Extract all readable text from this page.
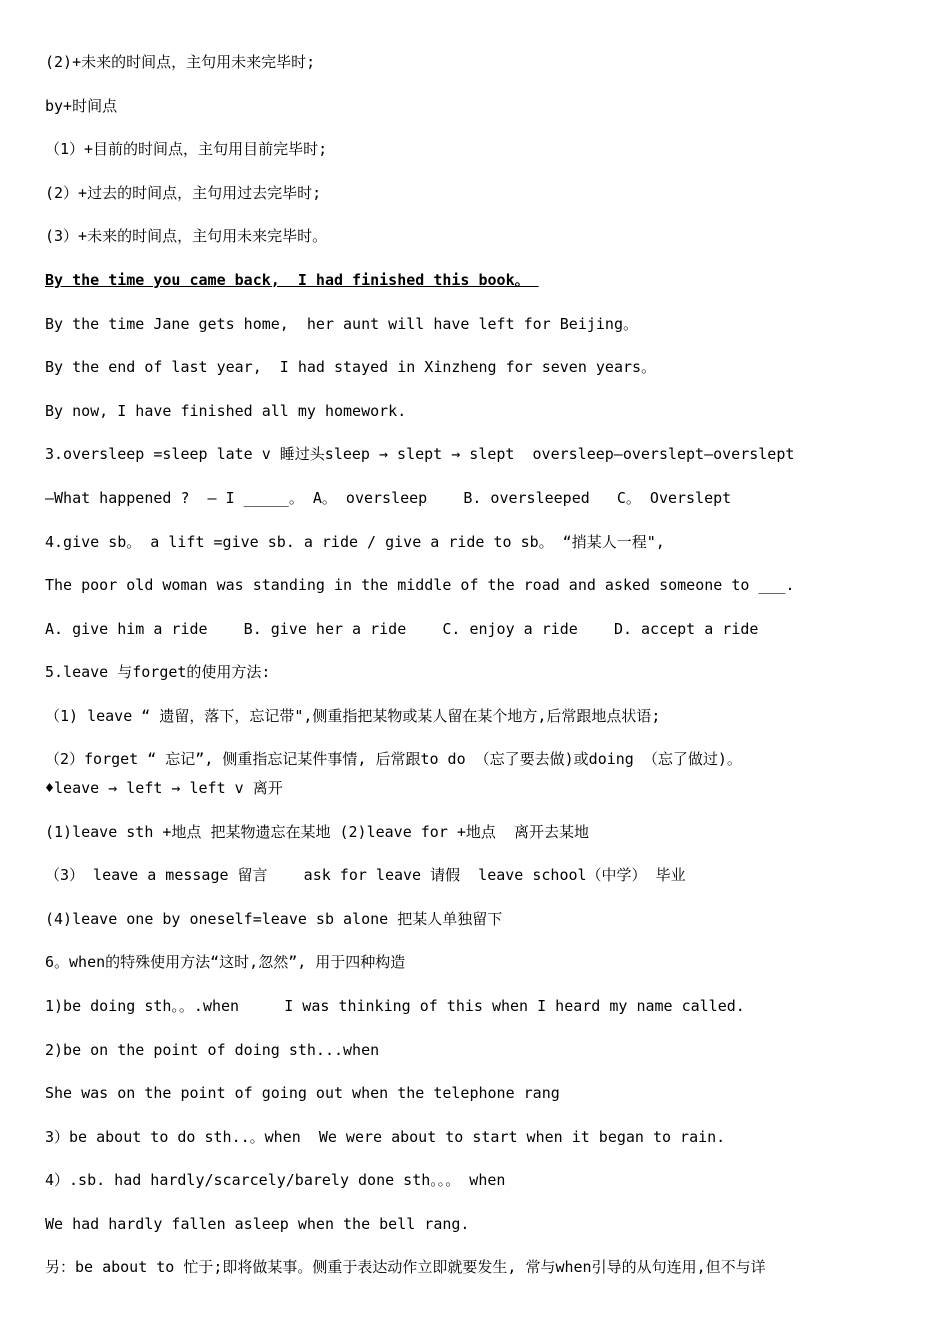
(2)+未来的时间点，主句用未来完毕时;
by+时间点
（1）+目前的时间点，主句用目前完毕时;
(2）+过去的时间点，主句用过去完毕时;
(3）+未来的时间点，主句用未来完毕时。
By the time you came back,  I had finished this book。
By the time Jane gets home,  her aunt will have left for Beijing。
By the end of last year,  I had stayed in Xinzheng for seven years。
By now, I have finished all my homework.
3.oversleep =sleep late v 睡过头sleep → slept → slept  oversleep—overslept—overslept
–What happened ?  — I _____。 A。 oversleep    B. oversleeped   C。 Overslept
4.give sb。 a lift =give sb. a ride / give a ride to sb。 “捎某人一程",
The poor old woman was standing in the middle of the road and asked someone to ___.
A. give him a ride    B. give her a ride    C. enjoy a ride    D. accept a ride
5.leave 与forget的使用方法:
（1) leave “ 遗留，落下，忘记带",侧重指把某物或某人留在某个地方,后常跟地点状语;
（2）forget “ 忘记”, 侧重指忘记某件事情, 后常跟to do （忘了要去做)或doing （忘了做过)。
♦leave → left → left v 离开
(1)leave sth +地点 把某物遗忘在某地 (2)leave for +地点  离开去某地
（3） leave a message 留言    ask for leave 请假  leave school（中学） 毕业
(4)leave one by oneself=leave sb alone 把某人单独留下
6。when的特殊使用方法“这时,忽然”, 用于四种构造
1)be doing sth。。.when     I was thinking of this when I heard my name called.
2)be on the point of doing sth...when
She was on the point of going out when the telephone rang
3）be about to do sth..。when  We were about to start when it began to rain.
4）.sb. had hardly/scarcely/barely done sth。。。 when
We had hardly fallen asleep when the bell rang.
另：be about to 忙于;即将做某事。侧重于表达动作立即就要发生, 常与when引导的从句连用,但不与详
